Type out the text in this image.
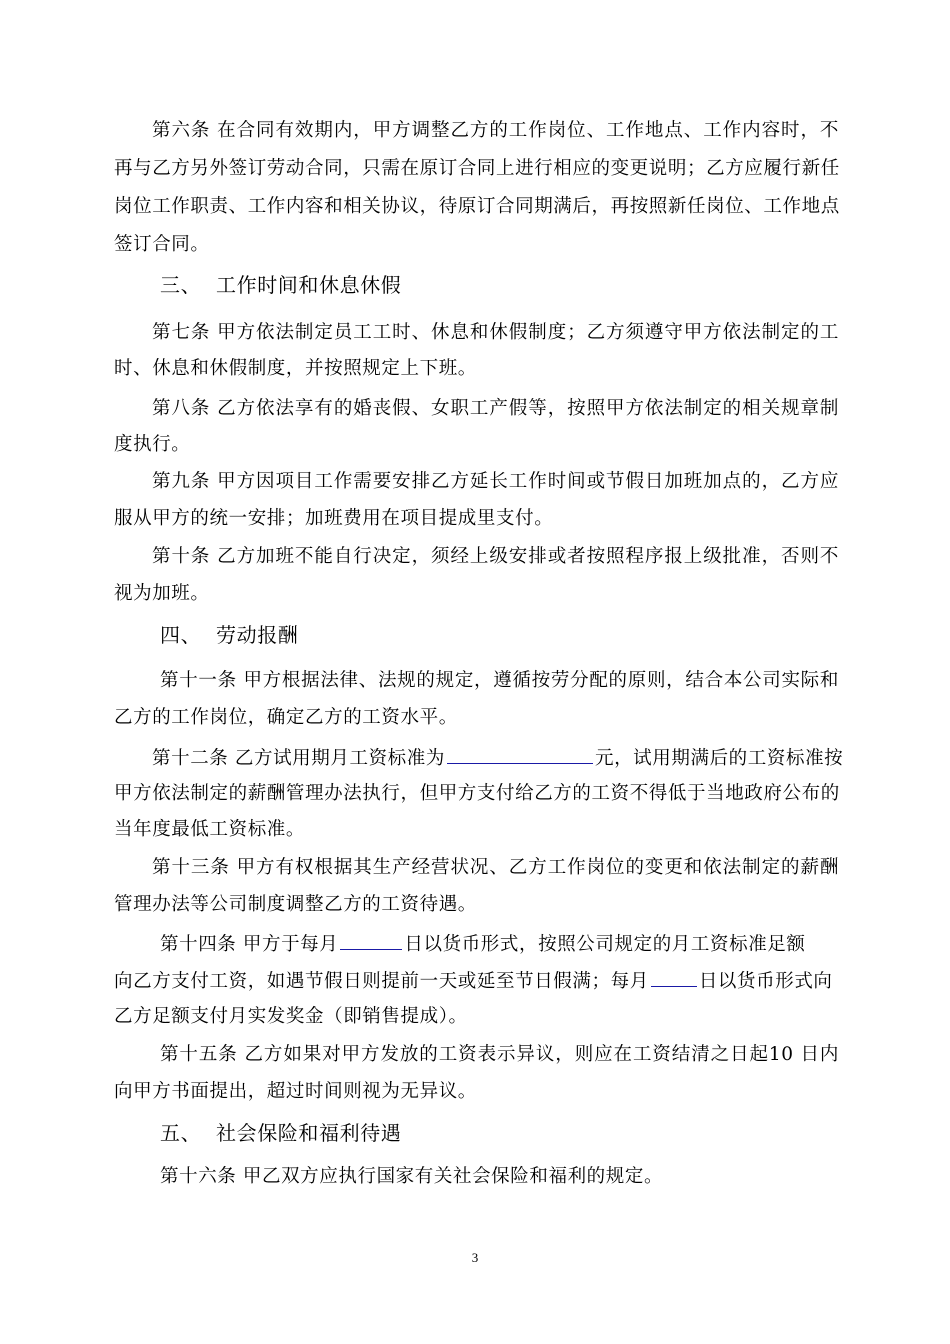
第六条 在合同有效期内，甲方调整乙方的工作岗位、工作地点、工作内容时，不
再与乙方另外签订劳动合同，只需在原订合同上进行相应的变更说明；乙方应履行新任
岗位工作职责、工作内容和相关协议，待原订合同期满后，再按照新任岗位、工作地点
签订合同。
三、 工作时间和休息休假
第七条 甲方依法制定员工工时、休息和休假制度；乙方须遵守甲方依法制定的工
时、休息和休假制度，并按照规定上下班。
第八条 乙方依法享有的婚丧假、女职工产假等，按照甲方依法制定的相关规章制
度执行。
第九条 甲方因项目工作需要安排乙方延长工作时间或节假日加班加点的，乙方应
服从甲方的统一安排；加班费用在项目提成里支付。
第十条 乙方加班不能自行决定，须经上级安排或者按照程序报上级批准，否则不
视为加班。
四、 劳动报酬
第十一条 甲方根据法律、法规的规定，遵循按劳分配的原则，结合本公司实际和
乙方的工作岗位，确定乙方的工资水平。
第十二条 乙方试用期月工资标准为	元，试用期满后的工资标准按
甲方依法制定的薪酬管理办法执行，但甲方支付给乙方的工资不得低于当地政府公布的
当年度最低工资标准。
第十三条 甲方有权根据其生产经营状况、乙方工作岗位的变更和依法制定的薪酬
管理办法等公司制度调整乙方的工资待遇。
第十四条 甲方于每月	日以货币形式，按照公司规定的月工资标准足额
向乙方支付工资，如遇节假日则提前一天或延至节日假满；每月	日以货币形式向
乙方足额支付月实发奖金（即销售提成）。
第十五条 乙方如果对甲方发放的工资表示异议，则应在工资结清之日起10 日内
向甲方书面提出，超过时间则视为无异议。
五、 社会保险和福利待遇
第十六条 甲乙双方应执行国家有关社会保险和福利的规定。
3
